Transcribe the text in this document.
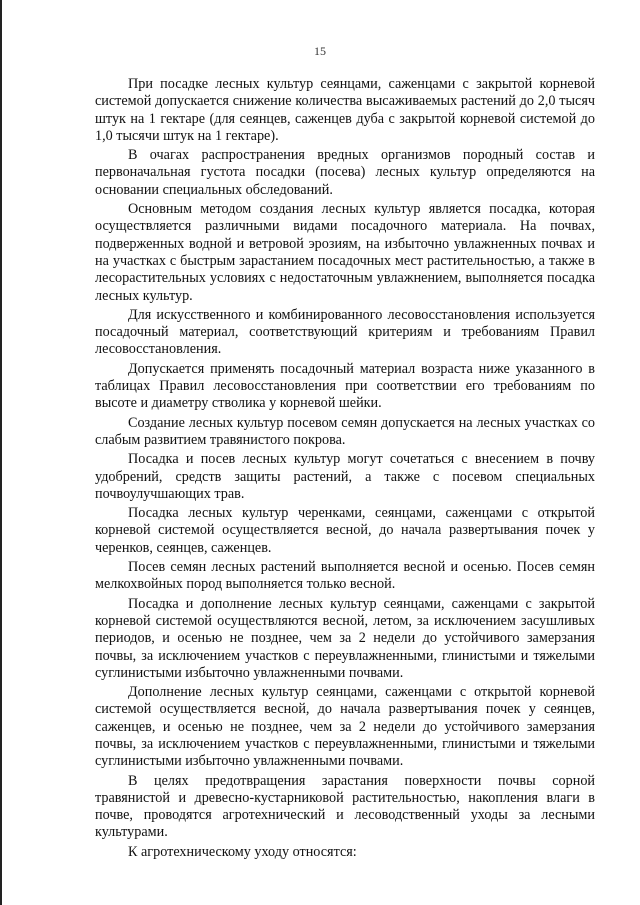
15

При посадке лесных культур сеянцами, саженцами с закрытой корневой системой допускается снижение количества высаживаемых растений до 2,0 тысяч штук на 1 гектаре (для сеянцев, саженцев дуба с закрытой корневой системой до 1,0 тысячи штук на 1 гектаре).

В очагах распространения вредных организмов породный состав и первоначальная густота посадки (посева) лесных культур определяются на основании специальных обследований.

Основным методом создания лесных культур является посадка, которая осуществляется различными видами посадочного материала. На почвах, подверженных водной и ветровой эрозиям, на избыточно увлажненных почвах и на участках с быстрым зарастанием посадочных мест растительностью, а также в лесорастительных условиях с недостаточным увлажнением, выполняется посадка лесных культур.

Для искусственного и комбинированного лесовосстановления используется посадочный материал, соответствующий критериям и требованиям Правил лесовосстановления.

Допускается применять посадочный материал возраста ниже указанного в таблицах Правил лесовосстановления при соответствии его требованиям по высоте и диаметру стволика у корневой шейки.

Создание лесных культур посевом семян допускается на лесных участках со слабым развитием травянистого покрова.

Посадка и посев лесных культур могут сочетаться с внесением в почву удобрений, средств защиты растений, а также с посевом специальных почвоулучшающих трав.

Посадка лесных культур черенками, сеянцами, саженцами с открытой корневой системой осуществляется весной, до начала развертывания почек у черенков, сеянцев, саженцев.

Посев семян лесных растений выполняется весной и осенью. Посев семян мелкохвойных пород выполняется только весной.

Посадка и дополнение лесных культур сеянцами, саженцами с закрытой корневой системой осуществляются весной, летом, за исключением засушливых периодов, и осенью не позднее, чем за 2 недели до устойчивого замерзания почвы, за исключением участков с переувлажненными, глинистыми и тяжелыми суглинистыми избыточно увлажненными почвами.

Дополнение лесных культур сеянцами, саженцами с открытой корневой системой осуществляется весной, до начала развертывания почек у сеянцев, саженцев, и осенью не позднее, чем за 2 недели до устойчивого замерзания почвы, за исключением участков с переувлажненными, глинистыми и тяжелыми суглинистыми избыточно увлажненными почвами.

В целях предотвращения зарастания поверхности почвы сорной травянистой и древесно-кустарниковой растительностью, накопления влаги в почве, проводятся агротехнический и лесоводственный уходы за лесными культурами.

К агротехническому уходу относятся:
